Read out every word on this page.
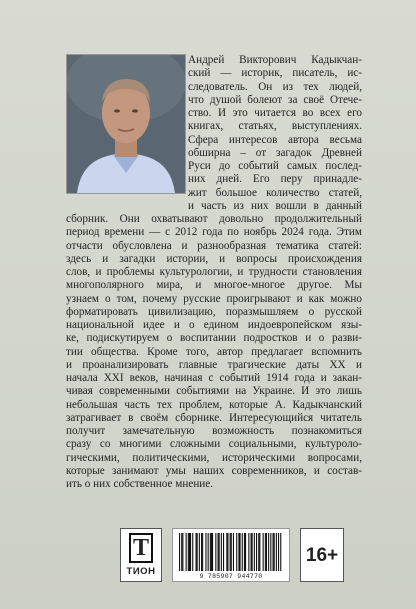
Андрей Викторович Кадыкчан-
ский — историк, писатель, ис-
следователь. Он из тех людей,
что душой болеют за своё Отече-
ство. И это читается во всех его
книгах, статьях, выступлениях.
Сфера интересов автора весьма
обширна – от загадок Древней
Руси до событий самых послед-
них дней. Его перу принадле-
жит большое количество статей,
и часть из них вошли в данный
сборник. Они охватывают довольно продолжительный
период времени — с 2012 года по ноябрь 2024 года. Этим
отчасти обусловлена и разнообразная тематика статей:
здесь и загадки истории, и вопросы происхождения
слов, и проблемы культурологии, и трудности становления
многополярного мира, и многое-многое другое. Мы
узнаем о том, почему русские проигрывают и как можно
форматировать цивилизацию, поразмышляем о русской
национальной идее и о едином индоевропейском язы-
ке, подискутируем о воспитании подростков и о разви-
тии общества. Кроме того, автор предлагает вспомнить
и проанализировать главные трагические даты XX и
начала XXI веков, начиная с событий 1914 года и закан-
чивая современными событиями на Украине. И это лишь
небольшая часть тех проблем, которые А. Кадыкчанский
затрагивает в своём сборнике. Интересующийся читатель
получит замечательную возможность познакомиться
сразу со многими сложными социальными, культуроло-
гическими, политическими, историческими вопросами,
которые занимают умы наших современников, и состав-
ить о них собственное мнение.
Т
ТИОН	9 785907 944770
16+
